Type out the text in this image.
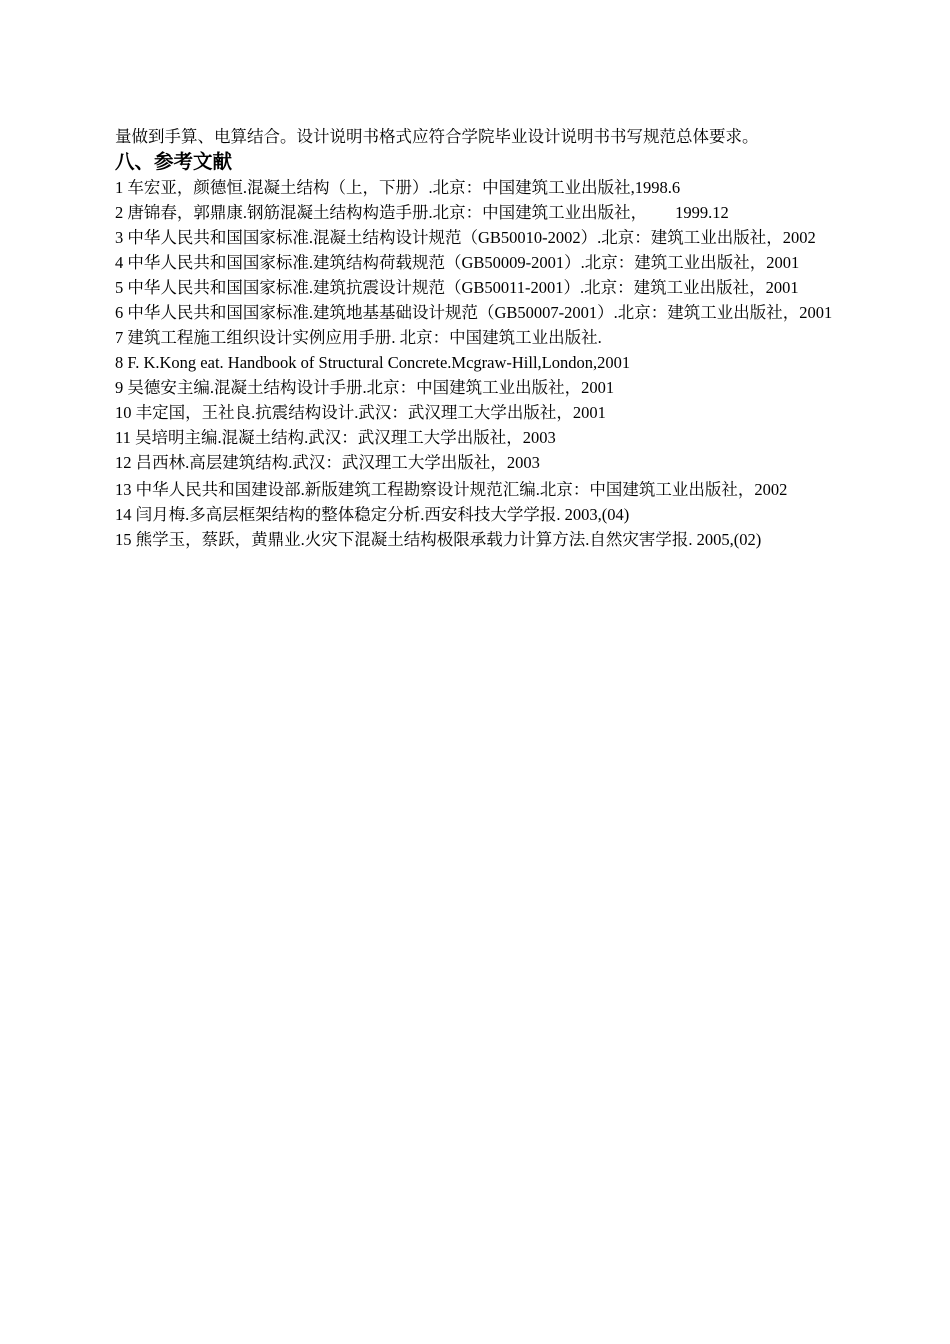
量做到手算、电算结合。设计说明书格式应符合学院毕业设计说明书书写规范总体要求。

八、参考文献
1 车宏亚，颜德恒.混凝土结构（上，下册）.北京：中国建筑工业出版社,1998.6
2 唐锦春，郭鼎康.钢筋混凝土结构构造手册.北京：中国建筑工业出版社， 1999.12
3 中华人民共和国国家标准.混凝土结构设计规范（GB50010-2002）.北京：建筑工业出版社，2002
4 中华人民共和国国家标准.建筑结构荷载规范（GB50009-2001）.北京：建筑工业出版社，2001
5 中华人民共和国国家标准.建筑抗震设计规范（GB50011-2001）.北京：建筑工业出版社，2001
6 中华人民共和国国家标准.建筑地基基础设计规范（GB50007-2001）.北京：建筑工业出版社，2001
7 建筑工程施工组织设计实例应用手册. 北京：中国建筑工业出版社.
8 F. K.Kong eat. Handbook of Structural Concrete.Mcgraw-Hill,London,2001
9 吴德安主编.混凝土结构设计手册.北京：中国建筑工业出版社，2001
10 丰定国，王社良.抗震结构设计.武汉：武汉理工大学出版社，2001
11 吴培明主编.混凝土结构.武汉：武汉理工大学出版社，2003
12 吕西林.高层建筑结构.武汉：武汉理工大学出版社，2003
13 中华人民共和国建设部.新版建筑工程勘察设计规范汇编.北京：中国建筑工业出版社，2002
14 闫月梅.多高层框架结构的整体稳定分析.西安科技大学学报. 2003,(04)
15 熊学玉，蔡跃，黄鼎业.火灾下混凝土结构极限承载力计算方法.自然灾害学报. 2005,(02)
